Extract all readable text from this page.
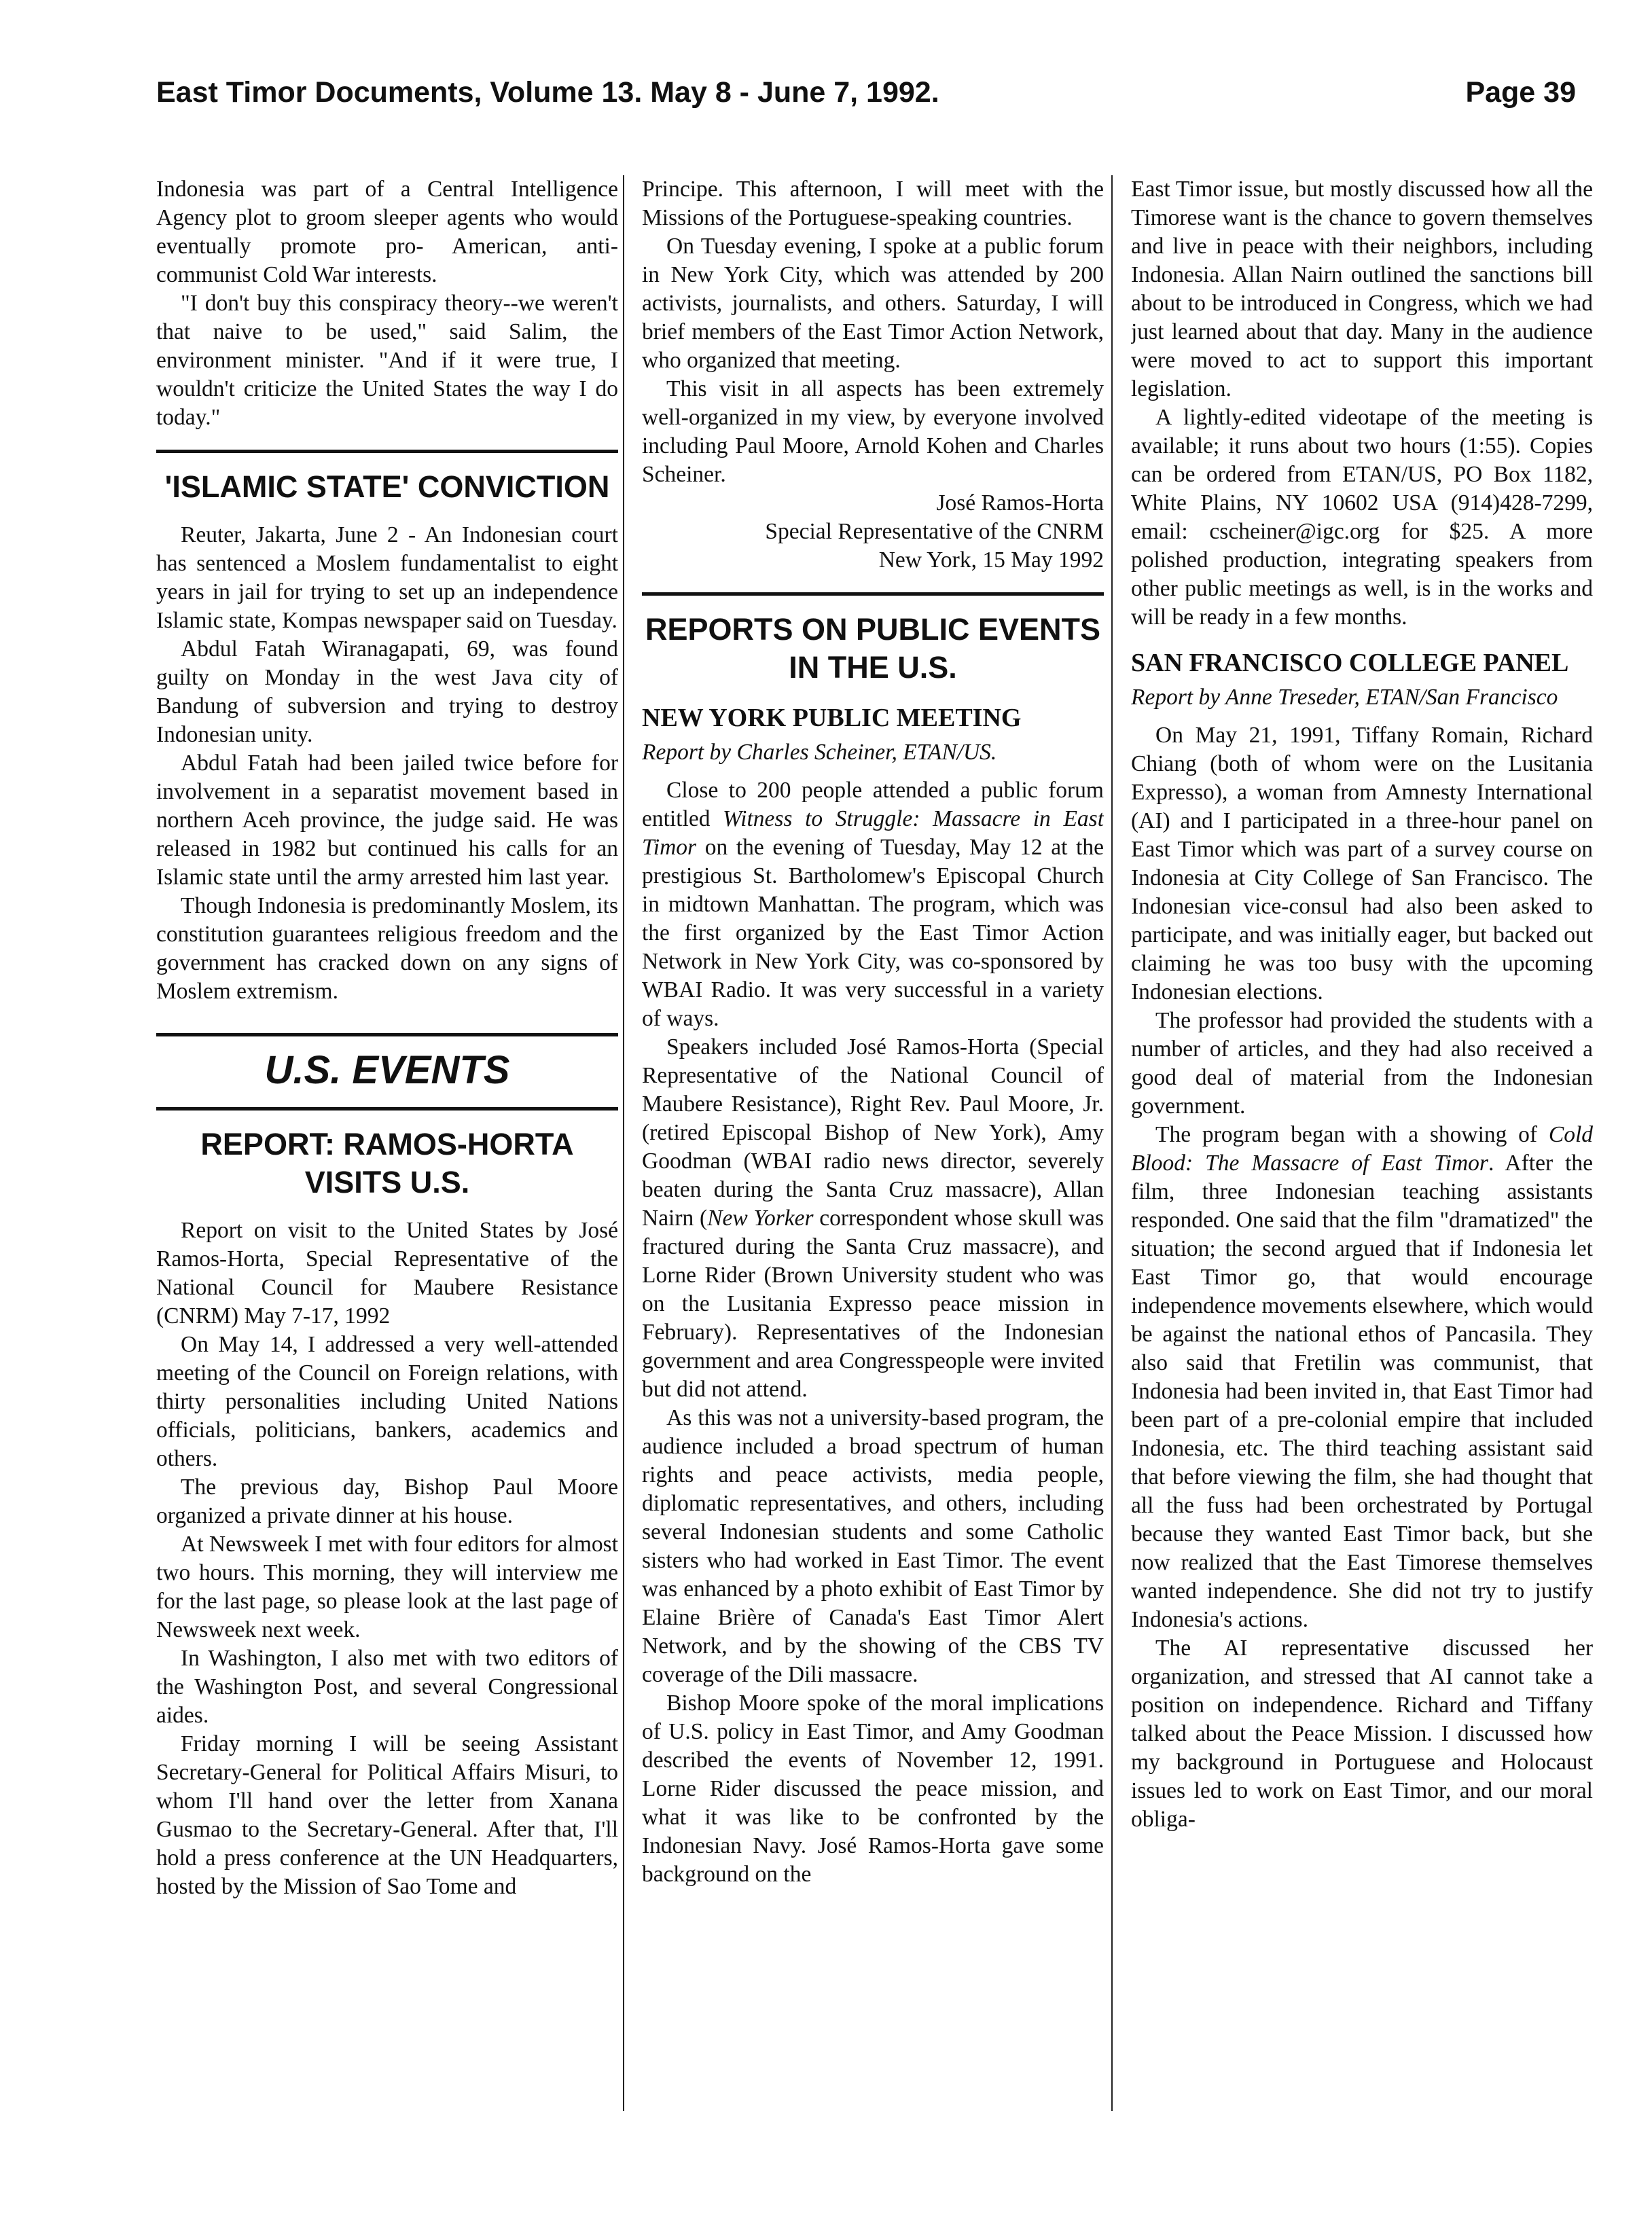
East Timor Documents, Volume 13. May 8 - June 7, 1992.	Page 39

Indonesia was part of a Central Intelligence Agency plot to groom sleeper agents who would eventually promote pro- American, anti-communist Cold War interests.

"I don't buy this conspiracy theory--we weren't that naive to be used," said Salim, the environment minister. "And if it were true, I wouldn't criticize the United States the way I do today."

'ISLAMIC STATE' CONVICTION

Reuter, Jakarta, June 2 - An Indonesian court has sentenced a Moslem fundamentalist to eight years in jail for trying to set up an independence Islamic state, Kompas newspaper said on Tuesday.

Abdul Fatah Wiranagapati, 69, was found guilty on Monday in the west Java city of Bandung of subversion and trying to destroy Indonesian unity.

Abdul Fatah had been jailed twice before for involvement in a separatist movement based in northern Aceh province, the judge said. He was released in 1982 but continued his calls for an Islamic state until the army arrested him last year.

Though Indonesia is predominantly Moslem, its constitution guarantees religious freedom and the government has cracked down on any signs of Moslem extremism.

U.S. EVENTS
REPORT: RAMOS-HORTA VISITS U.S.

Report on visit to the United States by José Ramos-Horta, Special Representative of the National Council for Maubere Resistance (CNRM) May 7-17, 1992

On May 14, I addressed a very well-attended meeting of the Council on Foreign relations, with thirty personalities including United Nations officials, politicians, bankers, academics and others.

The previous day, Bishop Paul Moore organized a private dinner at his house.

At Newsweek I met with four editors for almost two hours. This morning, they will interview me for the last page, so please look at the last page of Newsweek next week.

In Washington, I also met with two editors of the Washington Post, and several Congressional aides.

Friday morning I will be seeing Assistant Secretary-General for Political Affairs Misuri, to whom I'll hand over the letter from Xanana Gusmao to the Secretary-General. After that, I'll hold a press conference at the UN Headquarters, hosted by the Mission of Sao Tome and

Principe. This afternoon, I will meet with the Missions of the Portuguese-speaking countries.

On Tuesday evening, I spoke at a public forum in New York City, which was attended by 200 activists, journalists, and others. Saturday, I will brief members of the East Timor Action Network, who organized that meeting.

This visit in all aspects has been extremely well-organized in my view, by everyone involved including Paul Moore, Arnold Kohen and Charles Scheiner.

José Ramos-Horta

Special Representative of the CNRM

New York, 15 May 1992

REPORTS ON PUBLIC EVENTS IN THE U.S.
NEW YORK PUBLIC MEETING

Report by Charles Scheiner, ETAN/US.

Close to 200 people attended a public forum entitled Witness to Struggle: Massacre in East Timor on the evening of Tuesday, May 12 at the prestigious St. Bartholomew's Episcopal Church in midtown Manhattan. The program, which was the first organized by the East Timor Action Network in New York City, was co-sponsored by WBAI Radio. It was very successful in a variety of ways.

Speakers included José Ramos-Horta (Special Representative of the National Council of Maubere Resistance), Right Rev. Paul Moore, Jr. (retired Episcopal Bishop of New York), Amy Goodman (WBAI radio news director, severely beaten during the Santa Cruz massacre), Allan Nairn (New Yorker correspondent whose skull was fractured during the Santa Cruz massacre), and Lorne Rider (Brown University student who was on the Lusitania Expresso peace mission in February). Representatives of the Indonesian government and area Congresspeople were invited but did not attend.

As this was not a university-based program, the audience included a broad spectrum of human rights and peace activists, media people, diplomatic representatives, and others, including several Indonesian students and some Catholic sisters who had worked in East Timor. The event was enhanced by a photo exhibit of East Timor by Elaine Brière of Canada's East Timor Alert Network, and by the showing of the CBS TV coverage of the Dili massacre.

Bishop Moore spoke of the moral implications of U.S. policy in East Timor, and Amy Goodman described the events of November 12, 1991. Lorne Rider discussed the peace mission, and what it was like to be confronted by the Indonesian Navy. José Ramos-Horta gave some background on the

East Timor issue, but mostly discussed how all the Timorese want is the chance to govern themselves and live in peace with their neighbors, including Indonesia. Allan Nairn outlined the sanctions bill about to be introduced in Congress, which we had just learned about that day. Many in the audience were moved to act to support this important legislation.

A lightly-edited videotape of the meeting is available; it runs about two hours (1:55). Copies can be ordered from ETAN/US, PO Box 1182, White Plains, NY 10602 USA (914)428-7299, email: cscheiner@igc.org for $25. A more polished production, integrating speakers from other public meetings as well, is in the works and will be ready in a few months.

SAN FRANCISCO COLLEGE PANEL

Report by Anne Treseder, ETAN/San Francisco

On May 21, 1991, Tiffany Romain, Richard Chiang (both of whom were on the Lusitania Expresso), a woman from Amnesty International (AI) and I participated in a three-hour panel on East Timor which was part of a survey course on Indonesia at City College of San Francisco. The Indonesian vice-consul had also been asked to participate, and was initially eager, but backed out claiming he was too busy with the upcoming Indonesian elections.

The professor had provided the students with a number of articles, and they had also received a good deal of material from the Indonesian government.

The program began with a showing of Cold Blood: The Massacre of East Timor. After the film, three Indonesian teaching assistants responded. One said that the film "dramatized" the situation; the second argued that if Indonesia let East Timor go, that would encourage independence movements elsewhere, which would be against the national ethos of Pancasila. They also said that Fretilin was communist, that Indonesia had been invited in, that East Timor had been part of a pre-colonial empire that included Indonesia, etc. The third teaching assistant said that before viewing the film, she had thought that all the fuss had been orchestrated by Portugal because they wanted East Timor back, but she now realized that the East Timorese themselves wanted independence. She did not try to justify Indonesia's actions.

The AI representative discussed her organization, and stressed that AI cannot take a position on independence. Richard and Tiffany talked about the Peace Mission. I discussed how my background in Portuguese and Holocaust issues led to work on East Timor, and our moral obliga-
